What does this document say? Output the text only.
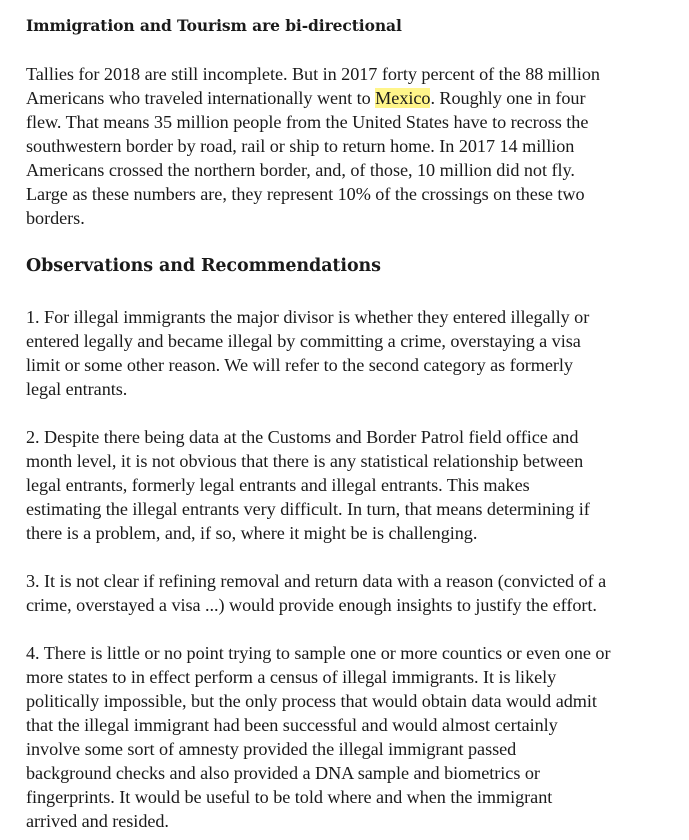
Immigration and Tourism are bi-directional

Tallies for 2018 are still incomplete. But in 2017 forty percent of the 88 million
Americans who traveled internationally went to Mexico. Roughly one in four
flew. That means 35 million people from the United States have to recross the
southwestern border by road, rail or ship to return home. In 2017 14 million
Americans crossed the northern border, and, of those, 10 million did not fly.
Large as these numbers are, they represent 10% of the crossings on these two
borders.

Observations and Recommendations

1. For illegal immigrants the major divisor is whether they entered illegally or
entered legally and became illegal by committing a crime, overstaying a visa
limit or some other reason. We will refer to the second category as formerly
legal entrants.

2. Despite there being data at the Customs and Border Patrol field office and
month level, it is not obvious that there is any statistical relationship between
legal entrants, formerly legal entrants and illegal entrants. This makes
estimating the illegal entrants very difficult. In turn, that means determining if
there is a problem, and, if so, where it might be is challenging.

3. It is not clear if refining removal and return data with a reason (convicted of a
crime, overstayed a visa ...) would provide enough insights to justify the effort.

4. There is little or no point trying to sample one or more countics or even one or
more states to in effect perform a census of illegal immigrants. It is likely
politically impossible, but the only process that would obtain data would admit
that the illegal immigrant had been successful and would almost certainly
involve some sort of amnesty provided the illegal immigrant passed
background checks and also provided a DNA sample and biometrics or
fingerprints. It would be useful to be told where and when the immigrant
arrived and resided.
